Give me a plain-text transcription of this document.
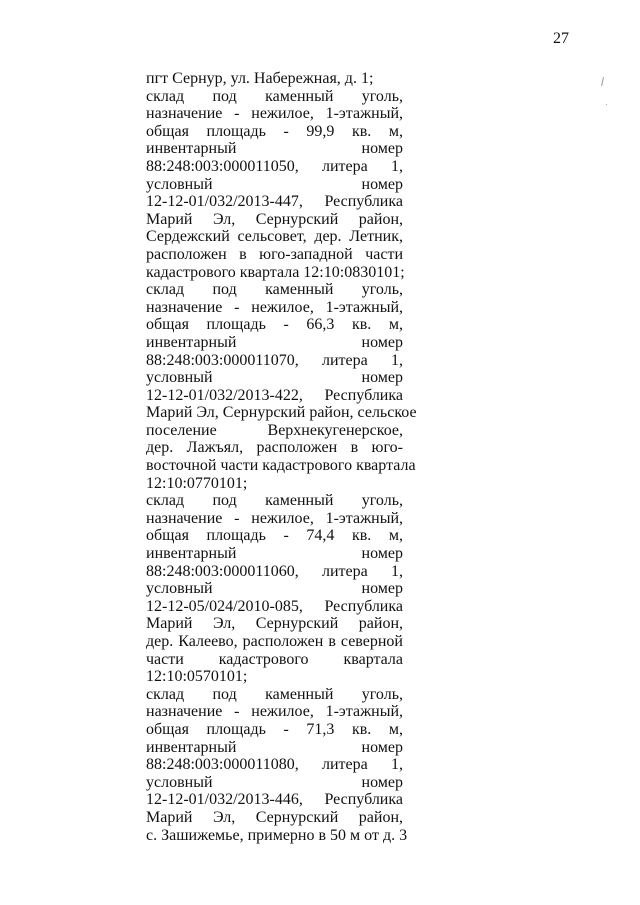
27
пгт Сернур, ул. Набережная, д. 1;
склад под каменный уголь,
назначение - нежилое, 1-этажный,
общая площадь - 99,9 кв. м,
инвентарный номер
88:248:003:000011050, литера 1,
условный номер
12-12-01/032/2013-447, Республика
Марий Эл, Сернурский район,
Сердежский сельсовет, дер. Летник,
расположен в юго-западной части
кадастрового квартала 12:10:0830101;
склад под каменный уголь,
назначение - нежилое, 1-этажный,
общая площадь - 66,3 кв. м,
инвентарный номер
88:248:003:000011070, литера 1,
условный номер
12-12-01/032/2013-422, Республика
Марий Эл, Сернурский район, сельское
поселение Верхнекугенерское,
дер. Лажъял, расположен в юго-
восточной части кадастрового квартала
12:10:0770101;
склад под каменный уголь,
назначение - нежилое, 1-этажный,
общая площадь - 74,4 кв. м,
инвентарный номер
88:248:003:000011060, литера 1,
условный номер
12-12-05/024/2010-085, Республика
Марий Эл, Сернурский район,
дер. Калеево, расположен в северной
части кадастрового квартала
12:10:0570101;
склад под каменный уголь,
назначение - нежилое, 1-этажный,
общая площадь - 71,3 кв. м,
инвентарный номер
88:248:003:000011080, литера 1,
условный номер
12-12-01/032/2013-446, Республика
Марий Эл, Сернурский район,
с. Зашижемье, примерно в 50 м от д. 3
